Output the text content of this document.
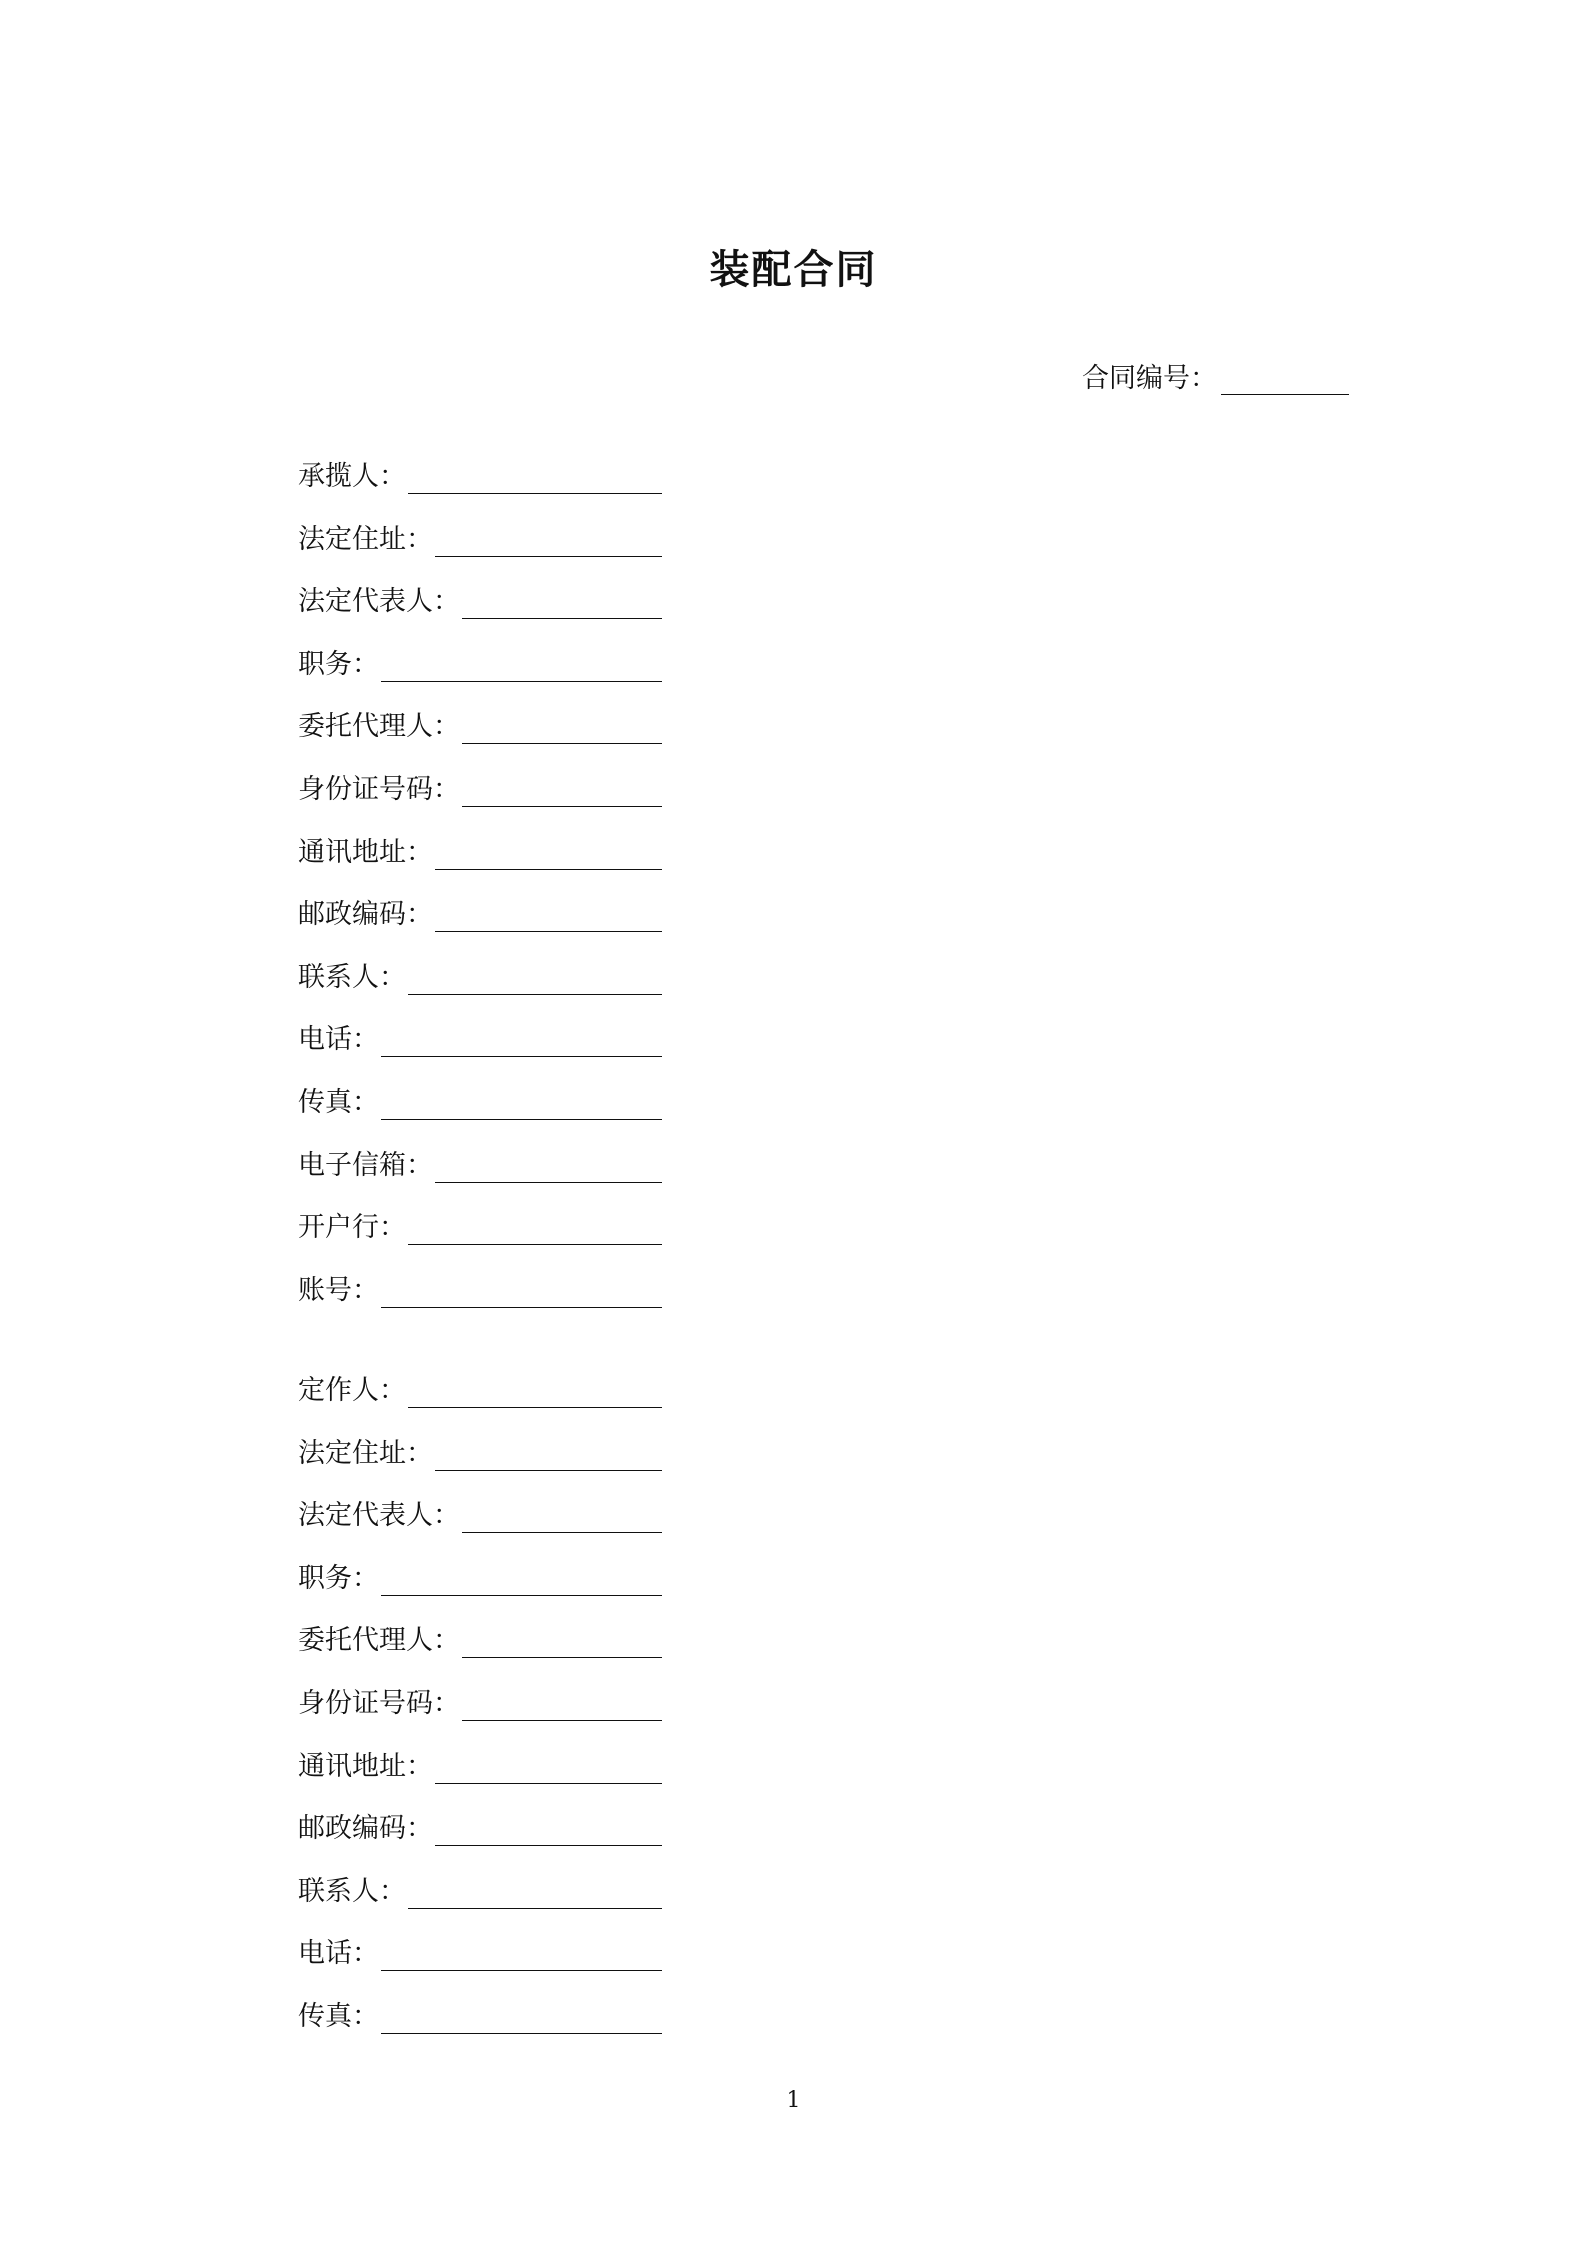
装配合同
合同编号：
承揽人：
法定住址：
法定代表人：
职务：
委托代理人：
身份证号码：
通讯地址：
邮政编码：
联系人：
电话：
传真：
电子信箱：
开户行：
账号：
定作人：
法定住址：
法定代表人：
职务：
委托代理人：
身份证号码：
通讯地址：
邮政编码：
联系人：
电话：
传真：
1
